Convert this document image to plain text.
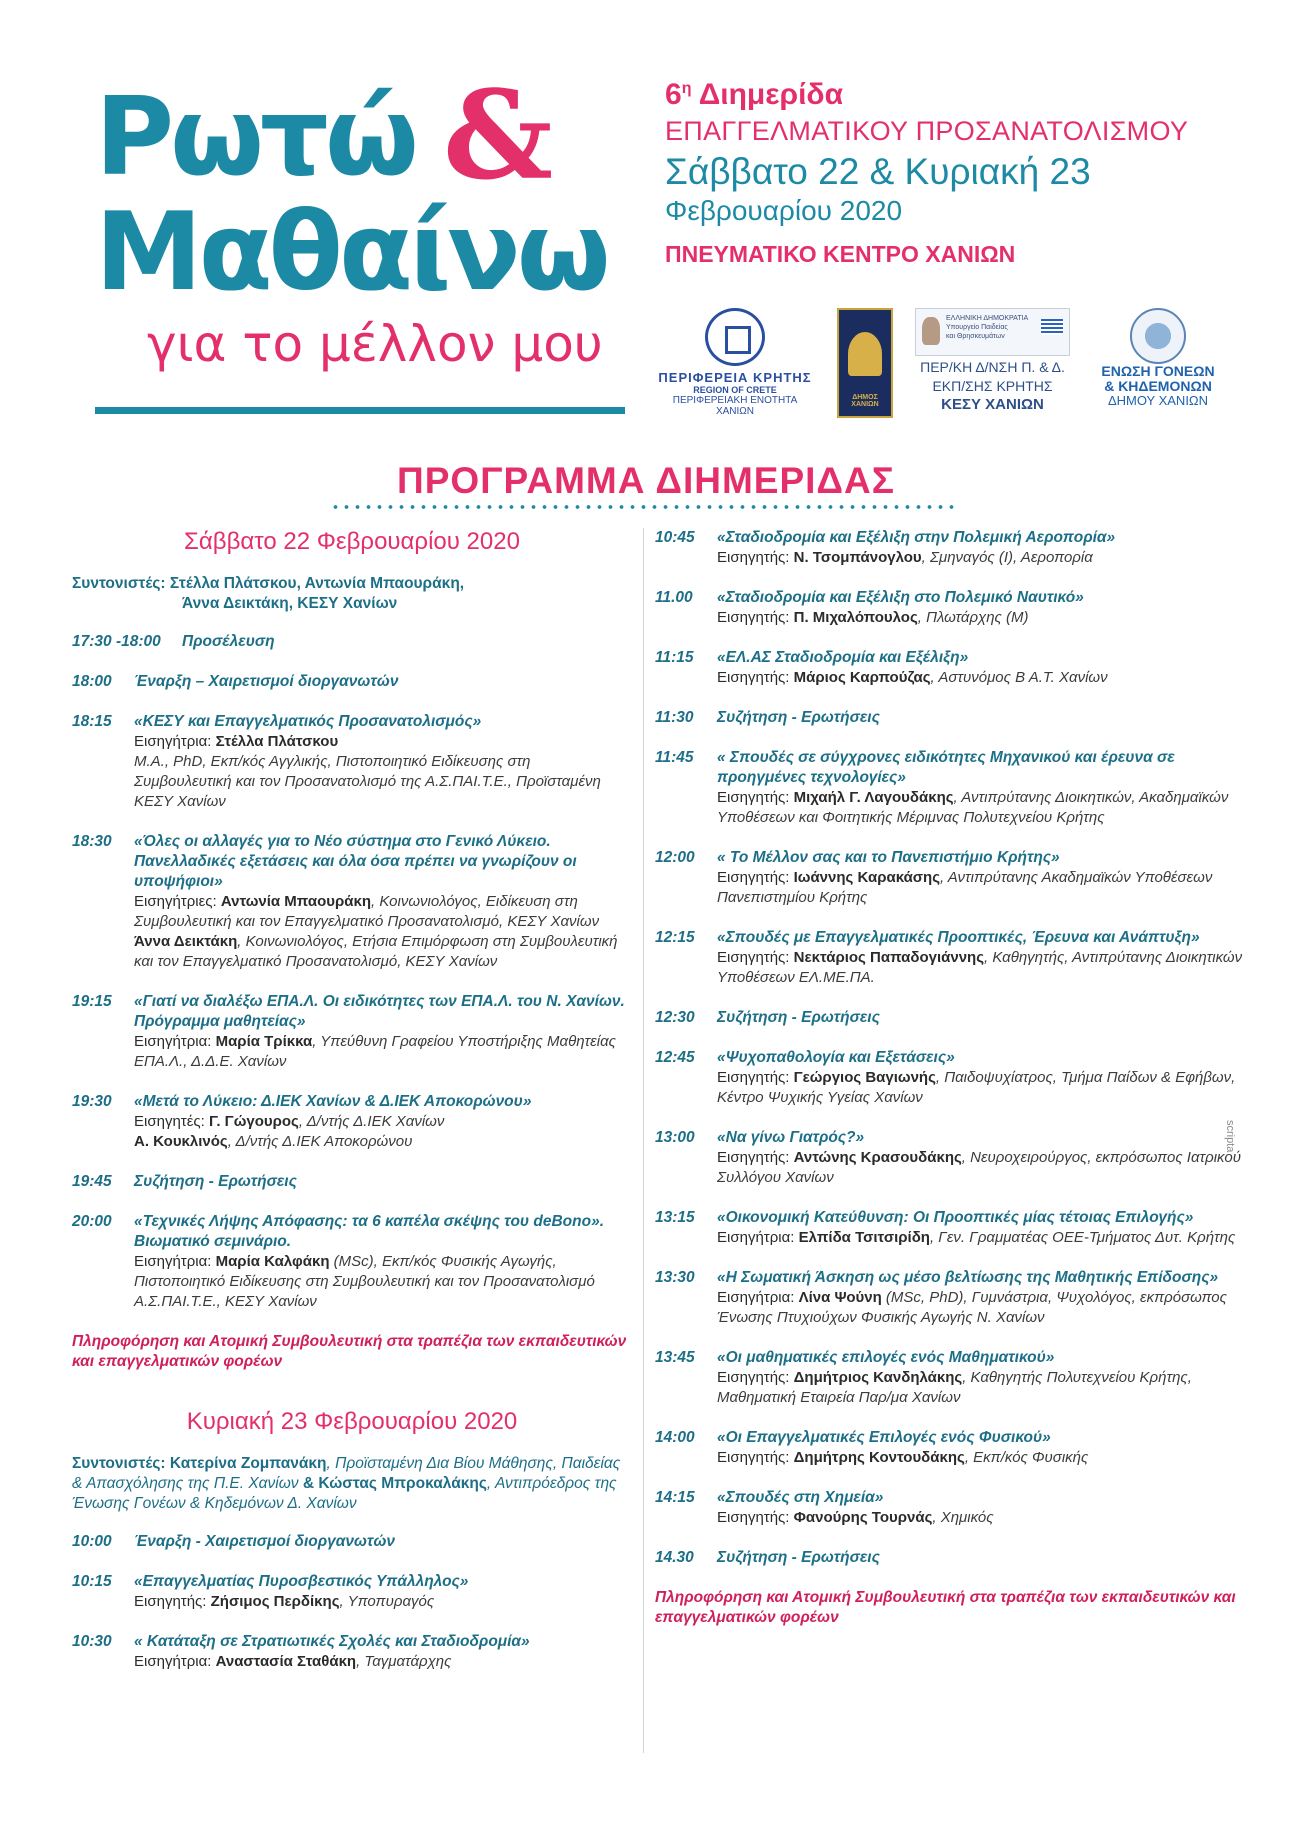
Ρωτώ &
Μαθαίνω
για το μέλλον μου
$6^\eta$ Διημερίδα
ΕΠΑΓΓΕΛΜΑΤΙΚΟΥ ΠΡΟΣΑΝΑΤΟΛΙΣΜΟΥ
Σάββατο 22 & Κυριακή 23
Φεβρουαρίου 2020
ΠΝΕΥΜΑΤΙΚΟ ΚΕΝΤΡΟ ΧΑΝΙΩΝ
ΠΕΡΙΦΕΡΕΙΑ ΚΡΗΤΗΣ
REGION OF CRETE
ΠΕΡΙΦΕΡΕΙΑΚΗ ΕΝΟΤΗΤΑ ΧΑΝΙΩΝ
ΔΗΜΟΣ ΧΑΝΙΩΝ
ΕΛΛΗΝΙΚΗ ΔΗΜΟΚΡΑΤΙΑ
Υπουργείο Παιδείας
και Θρησκευμάτων
ΠΕΡ/ΚΗ Δ/ΝΣΗ Π. & Δ.
ΕΚΠ/ΣΗΣ ΚΡΗΤΗΣ
ΚΕΣΥ ΧΑΝΙΩΝ
ΕΝΩΣΗ ΓΟΝΕΩΝ
& ΚΗΔΕΜΟΝΩΝ
ΔΗΜΟΥ ΧΑΝΙΩΝ
ΠΡΟΓΡΑΜΜΑ ΔΙΗΜΕΡΙΔΑΣ
Σάββατο 22 Φεβρουαρίου 2020
Συντονιστές: Στέλλα Πλάτσκου, Αντωνία Μπαουράκη,
Άννα Δεικτάκη, ΚΕΣΥ Χανίων
17:30 -18:00	Προσέλευση
18:00	Έναρξη – Χαιρετισμοί διοργανωτών
18:15	«ΚΕΣΥ και Επαγγελματικός Προσανατολισμός»
Εισηγήτρια: Στέλλα Πλάτσκου
M.A., PhD, Εκπ/κός Αγγλικής, Πιστοποιητικό Ειδίκευσης στη Συμβουλευτική και τον Προσανατολισμό της Α.Σ.ΠΑΙ.Τ.Ε., Προϊσταμένη ΚΕΣΥ Χανίων
18:30	«Όλες οι αλλαγές για το Νέο σύστημα στο Γενικό Λύκειο. Πανελλαδικές εξετάσεις και όλα όσα πρέπει να γνωρίζουν οι υποψήφιοι»
Εισηγήτριες: Αντωνία Μπαουράκη, Κοινωνιολόγος, Ειδίκευση στη Συμβουλευτική και τον Επαγγελματικό Προσανατολισμό, ΚΕΣΥ Χανίων
Άννα Δεικτάκη, Κοινωνιολόγος, Ετήσια Επιμόρφωση στη Συμβουλευτική και τον Επαγγελματικό Προσανατολισμό, ΚΕΣΥ Χανίων
19:15	«Γιατί να διαλέξω ΕΠΑ.Λ. Οι ειδικότητες των ΕΠΑ.Λ. του Ν. Χανίων. Πρόγραμμα μαθητείας»
Εισηγήτρια: Μαρία Τρίκκα, Υπεύθυνη Γραφείου Υποστήριξης Μαθητείας ΕΠΑ.Λ., Δ.Δ.Ε. Χανίων
19:30	«Μετά το Λύκειο: Δ.ΙΕΚ Χανίων & Δ.ΙΕΚ Αποκορώνου»
Εισηγητές: Γ. Γώγουρος, Δ/ντής Δ.ΙΕΚ Χανίων
Α. Κουκλινός, Δ/ντής Δ.ΙΕΚ Αποκορώνου
19:45	Συζήτηση - Ερωτήσεις
20:00	«Τεχνικές Λήψης Απόφασης: τα 6 καπέλα σκέψης του deBono». Βιωματικό σεμινάριο.
Εισηγήτρια: Μαρία Καλφάκη (MSc), Εκπ/κός Φυσικής Αγωγής, Πιστοποιητικό Ειδίκευσης στη Συμβουλευτική και τον Προσανατολισμό Α.Σ.ΠΑΙ.Τ.Ε., ΚΕΣΥ Χανίων
Πληροφόρηση και Ατομική Συμβουλευτική στα τραπέζια των εκπαιδευτικών και επαγγελματικών φορέων
Κυριακή 23 Φεβρουαρίου 2020
Συντονιστές: Κατερίνα Ζομπανάκη, Προϊσταμένη Δια Βίου Μάθησης, Παιδείας & Απασχόλησης της Π.Ε. Χανίων & Κώστας Μπροκαλάκης, Αντιπρόεδρος της Ένωσης Γονέων & Κηδεμόνων Δ. Χανίων
10:00	Έναρξη - Χαιρετισμοί διοργανωτών
10:15	«Επαγγελματίας Πυροσβεστικός Υπάλληλος»
Εισηγητής: Ζήσιμος Περδίκης, Υποπυραγός
10:30	« Κατάταξη σε Στρατιωτικές Σχολές και Σταδιοδρομία»
Εισηγήτρια: Αναστασία Σταθάκη, Ταγματάρχης
10:45	«Σταδιοδρομία και Εξέλιξη στην Πολεμική Αεροπορία»
Εισηγητής: Ν. Τσομπάνογλου, Σμηναγός (Ι), Αεροπορία
11.00	«Σταδιοδρομία και Εξέλιξη στο Πολεμικό Ναυτικό»
Εισηγητής: Π. Μιχαλόπουλος, Πλωτάρχης (Μ)
11:15	«ΕΛ.ΑΣ Σταδιοδρομία και Εξέλιξη»
Εισηγητής: Μάριος Καρπούζας, Αστυνόμος Β Α.Τ. Χανίων
11:30	Συζήτηση - Ερωτήσεις
11:45	« Σπουδές σε σύγχρονες ειδικότητες Μηχανικού και έρευνα σε προηγμένες τεχνολογίες»
Εισηγητής: Μιχαήλ Γ. Λαγουδάκης, Αντιπρύτανης Διοικητικών, Ακαδημαϊκών Υποθέσεων και Φοιτητικής Μέριμνας Πολυτεχνείου Κρήτης
12:00	« Το Μέλλον σας και το Πανεπιστήμιο Κρήτης»
Εισηγητής: Ιωάννης Καρακάσης, Αντιπρύτανης Ακαδημαϊκών Υποθέσεων Πανεπιστημίου Κρήτης
12:15	«Σπουδές με Επαγγελματικές Προοπτικές, Έρευνα και Ανάπτυξη»
Εισηγητής: Νεκτάριος Παπαδογιάννης, Καθηγητής, Αντιπρύτανης Διοικητικών Υποθέσεων ΕΛ.ΜΕ.ΠΑ.
12:30	Συζήτηση - Ερωτήσεις
12:45	«Ψυχοπαθολογία και Εξετάσεις»
Εισηγητής: Γεώργιος Βαγιωνής, Παιδοψυχίατρος, Τμήμα Παίδων & Εφήβων, Κέντρο Ψυχικής Υγείας Χανίων
13:00	«Να γίνω Γιατρός?»
Εισηγητής: Αντώνης Κρασουδάκης, Νευροχειρούργος, εκπρόσωπος Ιατρικού Συλλόγου Χανίων
13:15	«Οικονομική Κατεύθυνση: Οι Προοπτικές μίας τέτοιας Επιλογής»
Εισηγήτρια: Ελπίδα Τσιτσιρίδη, Γεν. Γραμματέας ΟΕΕ-Τμήματος Δυτ. Κρήτης
13:30	«Η Σωματική Άσκηση ως μέσο βελτίωσης της Μαθητικής Επίδοσης»
Εισηγήτρια: Λίνα Ψούνη (MSc, PhD), Γυμνάστρια, Ψυχολόγος, εκπρόσωπος Ένωσης Πτυχιούχων Φυσικής Αγωγής Ν. Χανίων
13:45	«Οι μαθηματικές επιλογές ενός Μαθηματικού»
Εισηγητής: Δημήτριος Κανδηλάκης, Καθηγητής Πολυτεχνείου Κρήτης, Μαθηματική Εταιρεία Παρ/μα Χανίων
14:00	«Οι Επαγγελματικές Επιλογές ενός Φυσικού»
Εισηγητής: Δημήτρης Κοντουδάκης, Εκπ/κός Φυσικής
14:15	«Σπουδές στη Χημεία»
Εισηγητής: Φανούρης Τουρνάς, Χημικός
14.30	Συζήτηση - Ερωτήσεις
Πληροφόρηση και Ατομική Συμβουλευτική στα τραπέζια των εκπαιδευτικών και επαγγελματικών φορέων
scripta
